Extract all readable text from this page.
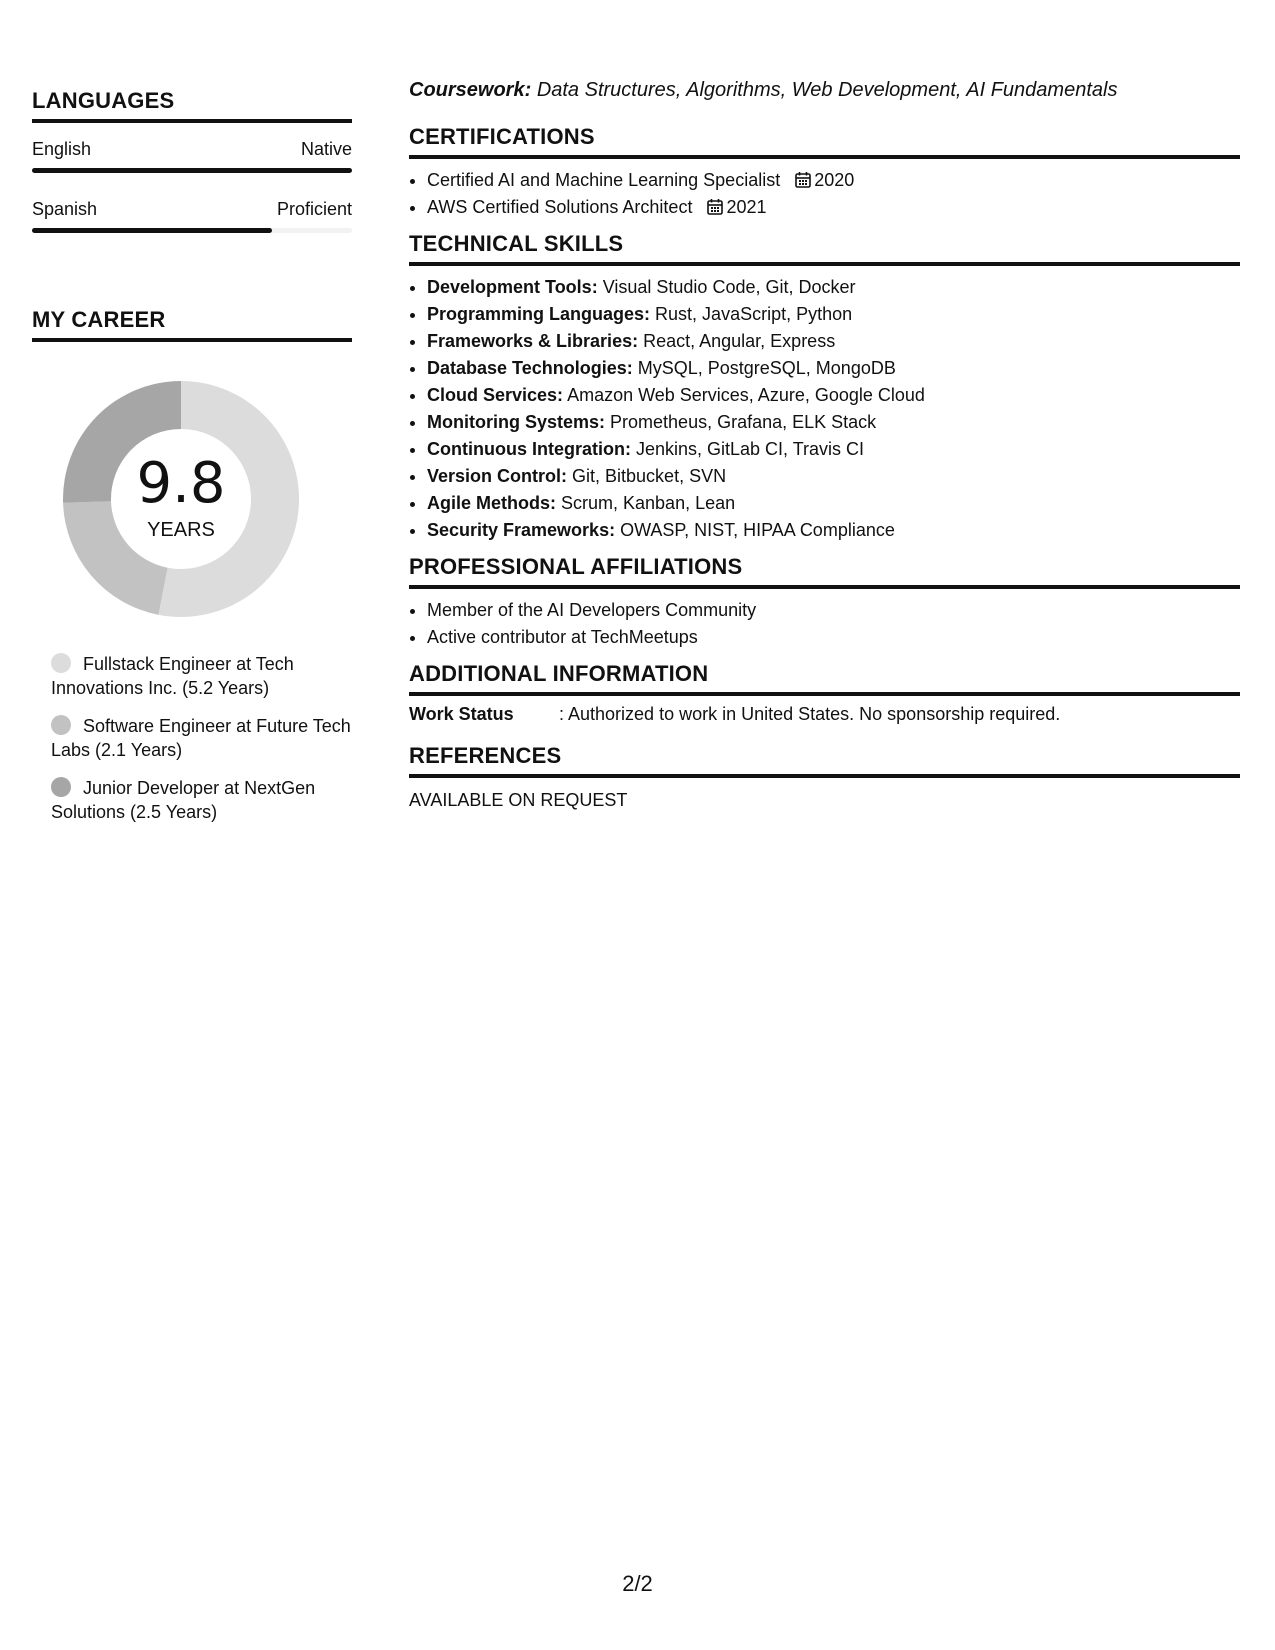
LANGUAGES
English	Native
Spanish	Proficient
MY CAREER
9.8
YEARS
Fullstack Engineer at Tech Innovations Inc. (5.2 Years)
Software Engineer at Future Tech Labs (2.1 Years)
Junior Developer at NextGen Solutions (2.5 Years)

Coursework: Data Structures, Algorithms, Web Development, AI Fundamentals

CERTIFICATIONS
• Certified AI and Machine Learning Specialist 2020
• AWS Certified Solutions Architect 2021
TECHNICAL SKILLS
• Development Tools: Visual Studio Code, Git, Docker
• Programming Languages: Rust, JavaScript, Python
• Frameworks & Libraries: React, Angular, Express
• Database Technologies: MySQL, PostgreSQL, MongoDB
• Cloud Services: Amazon Web Services, Azure, Google Cloud
• Monitoring Systems: Prometheus, Grafana, ELK Stack
• Continuous Integration: Jenkins, GitLab CI, Travis CI
• Version Control: Git, Bitbucket, SVN
• Agile Methods: Scrum, Kanban, Lean
• Security Frameworks: OWASP, NIST, HIPAA Compliance
PROFESSIONAL AFFILIATIONS
• Member of the AI Developers Community
• Active contributor at TechMeetups
ADDITIONAL INFORMATION
Work Status	: Authorized to work in United States. No sponsorship required.
REFERENCES
AVAILABLE ON REQUEST
2/2
